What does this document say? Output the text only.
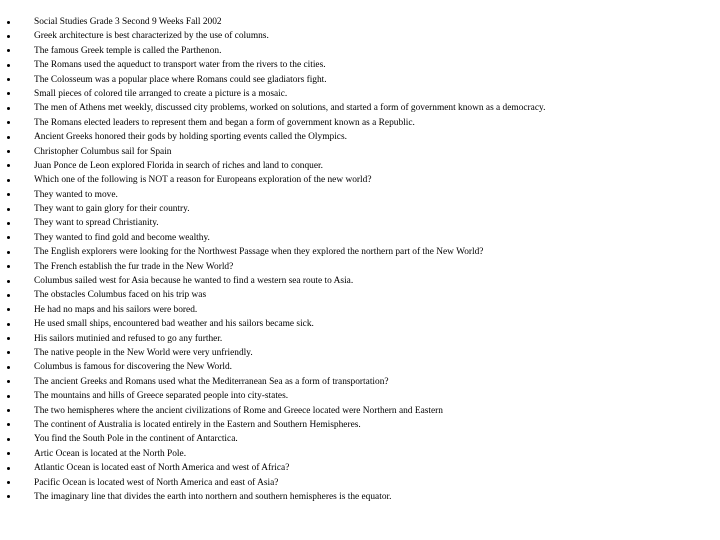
Social Studies Grade 3 Second 9 Weeks Fall 2002
Greek architecture is best characterized by the use of columns.
The famous Greek temple is called the Parthenon.
The Romans used the aqueduct to transport water from the rivers to the cities.
The Colosseum was a popular place where Romans could see gladiators fight.
Small pieces of colored tile arranged to create a picture is a mosaic.
The men of Athens met weekly, discussed city problems, worked on solutions, and started a form of government known as a democracy.
The Romans elected leaders to represent them and began a form of government known as a Republic.
Ancient Greeks honored their gods by holding sporting events called the Olympics.
Christopher Columbus sail for Spain
Juan Ponce de Leon explored Florida in search of riches and land to conquer.
Which one of the following is NOT a reason for Europeans exploration of the new world?
They wanted to move.
They want to gain glory for their country.
They want to spread Christianity.
They wanted to find gold and become wealthy.
The English explorers were looking for the Northwest Passage when they explored the northern part of the New World?
The French establish the fur trade in the New World?
Columbus sailed west for Asia because he wanted to find a western sea route to Asia.
The obstacles Columbus faced on his trip was
He had no maps and his sailors were bored.
He used small ships, encountered bad weather and his sailors became sick.
His sailors mutinied and refused to go any further.
The native people in the New World were very unfriendly.
Columbus is famous for discovering the New World.
The ancient Greeks and Romans used what the Mediterranean Sea as a form of transportation?
The mountains and hills of Greece separated people into city-states.
The two hemispheres where the ancient civilizations of Rome and Greece located were Northern and Eastern
The continent of Australia is located entirely in the Eastern and Southern Hemispheres.
You find the South Pole in the continent of Antarctica.
Artic Ocean is located at the North Pole.
Atlantic Ocean is located east of North America and west of Africa?
Pacific Ocean is located west of North America and east of Asia?
The imaginary line that divides the earth into northern and southern hemispheres is the equator.
